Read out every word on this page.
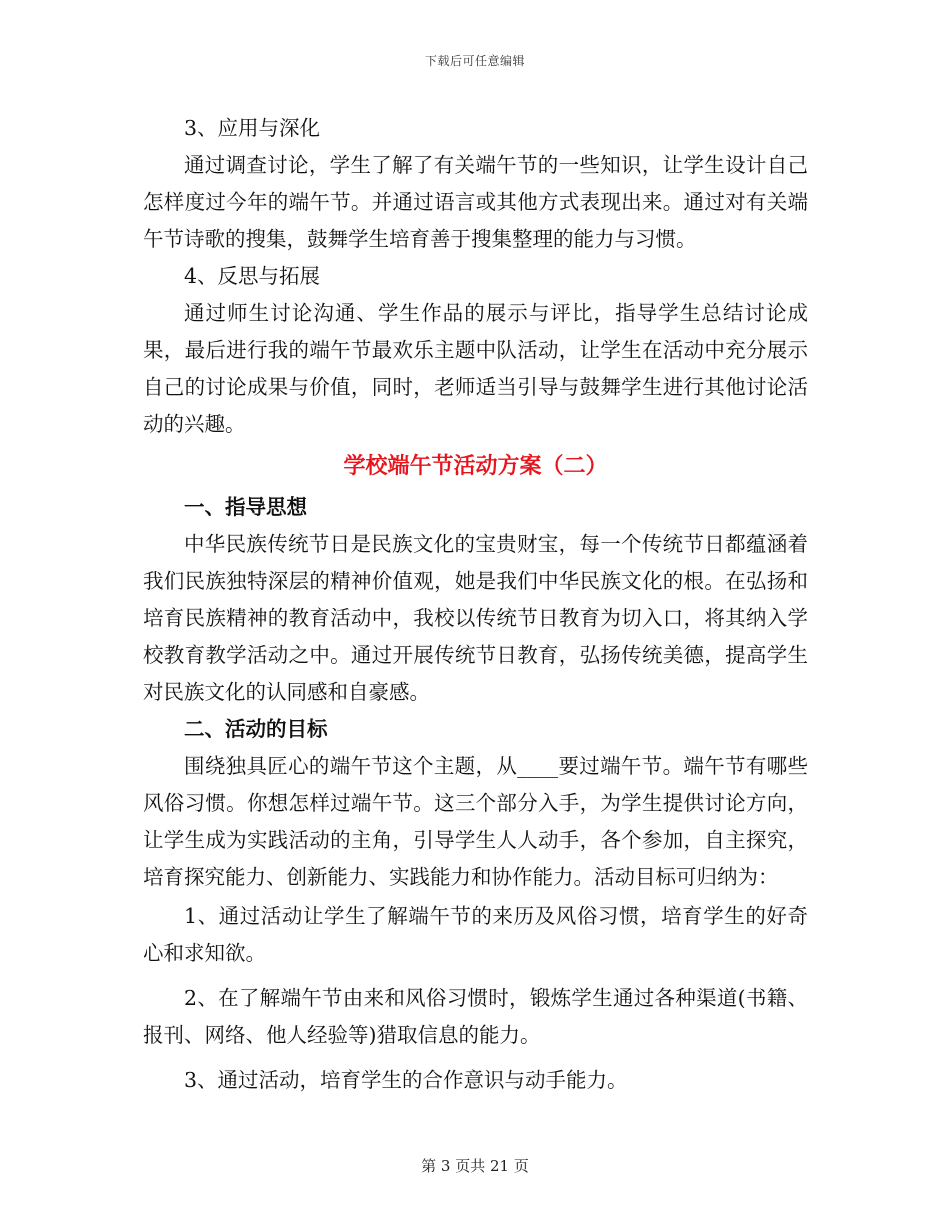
下载后可任意编辑

3、应用与深化

通过调查讨论，学生了解了有关端午节的一些知识，让学生设计自己怎样度过今年的端午节。并通过语言或其他方式表现出来。通过对有关端午节诗歌的搜集，鼓舞学生培育善于搜集整理的能力与习惯。

4、反思与拓展

通过师生讨论沟通、学生作品的展示与评比，指导学生总结讨论成果，最后进行我的端午节最欢乐主题中队活动，让学生在活动中充分展示自己的讨论成果与价值，同时，老师适当引导与鼓舞学生进行其他讨论活动的兴趣。

学校端午节活动方案（二）

一、指导思想

中华民族传统节日是民族文化的宝贵财宝，每一个传统节日都蕴涵着我们民族独特深层的精神价值观，她是我们中华民族文化的根。在弘扬和培育民族精神的教育活动中，我校以传统节日教育为切入口，将其纳入学校教育教学活动之中。通过开展传统节日教育，弘扬传统美德，提高学生对民族文化的认同感和自豪感。

二、活动的目标

围绕独具匠心的端午节这个主题，从____要过端午节。端午节有哪些风俗习惯。你想怎样过端午节。这三个部分入手，为学生提供讨论方向，让学生成为实践活动的主角，引导学生人人动手，各个参加，自主探究，培育探究能力、创新能力、实践能力和协作能力。活动目标可归纳为：

1、通过活动让学生了解端午节的来历及风俗习惯，培育学生的好奇心和求知欲。

2、在了解端午节由来和风俗习惯时，锻炼学生通过各种渠道(书籍、报刊、网络、他人经验等)猎取信息的能力。

3、通过活动，培育学生的合作意识与动手能力。

第 3 页共 21 页
